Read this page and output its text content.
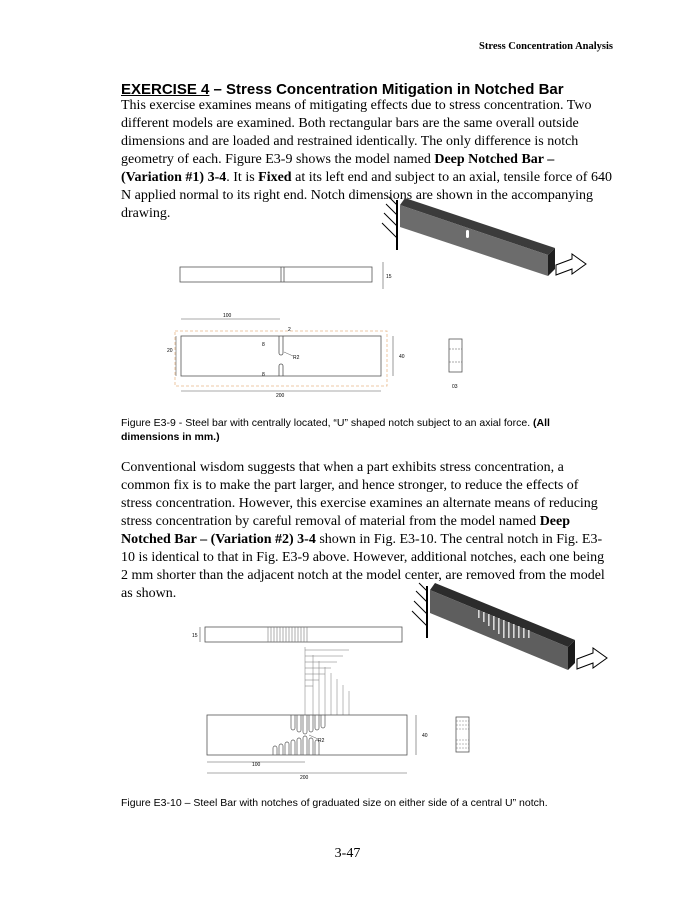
Stress Concentration Analysis
EXERCISE 4 – Stress Concentration Mitigation in Notched Bar

This exercise examines means of mitigating effects due to stress concentration. Two different models are examined. Both rectangular bars are the same overall outside dimensions and are loaded and restrained identically. The only difference is notch geometry of each. Figure E3-9 shows the model named Deep Notched Bar – (Variation #1) 3-4. It is Fixed at its left end and subject to an axial, tensile force of 640 N applied normal to its right end. Notch dimensions are shown in the accompanying drawing.

15
100
2
8
20
R2	40
8
200
03
15
R2
40
100
200

Figure E3-9 - Steel bar with centrally located, “U” shaped notch subject to an axial force. (All dimensions in mm.)

Conventional wisdom suggests that when a part exhibits stress concentration, a common fix is to make the part larger, and hence stronger, to reduce the effects of stress concentration. However, this exercise examines an alternate means of reducing stress concentration by careful removal of material from the model named Deep Notched Bar – (Variation #2) 3-4 shown in Fig. E3-10. The central notch in Fig. E3-10 is identical to that in Fig. E3-9 above. However, additional notches, each one being 2 mm shorter than the adjacent notch at the model center, are removed from the model as shown.

Figure E3-10 – Steel Bar with notches of graduated size on either side of a central U” notch.

3-47
